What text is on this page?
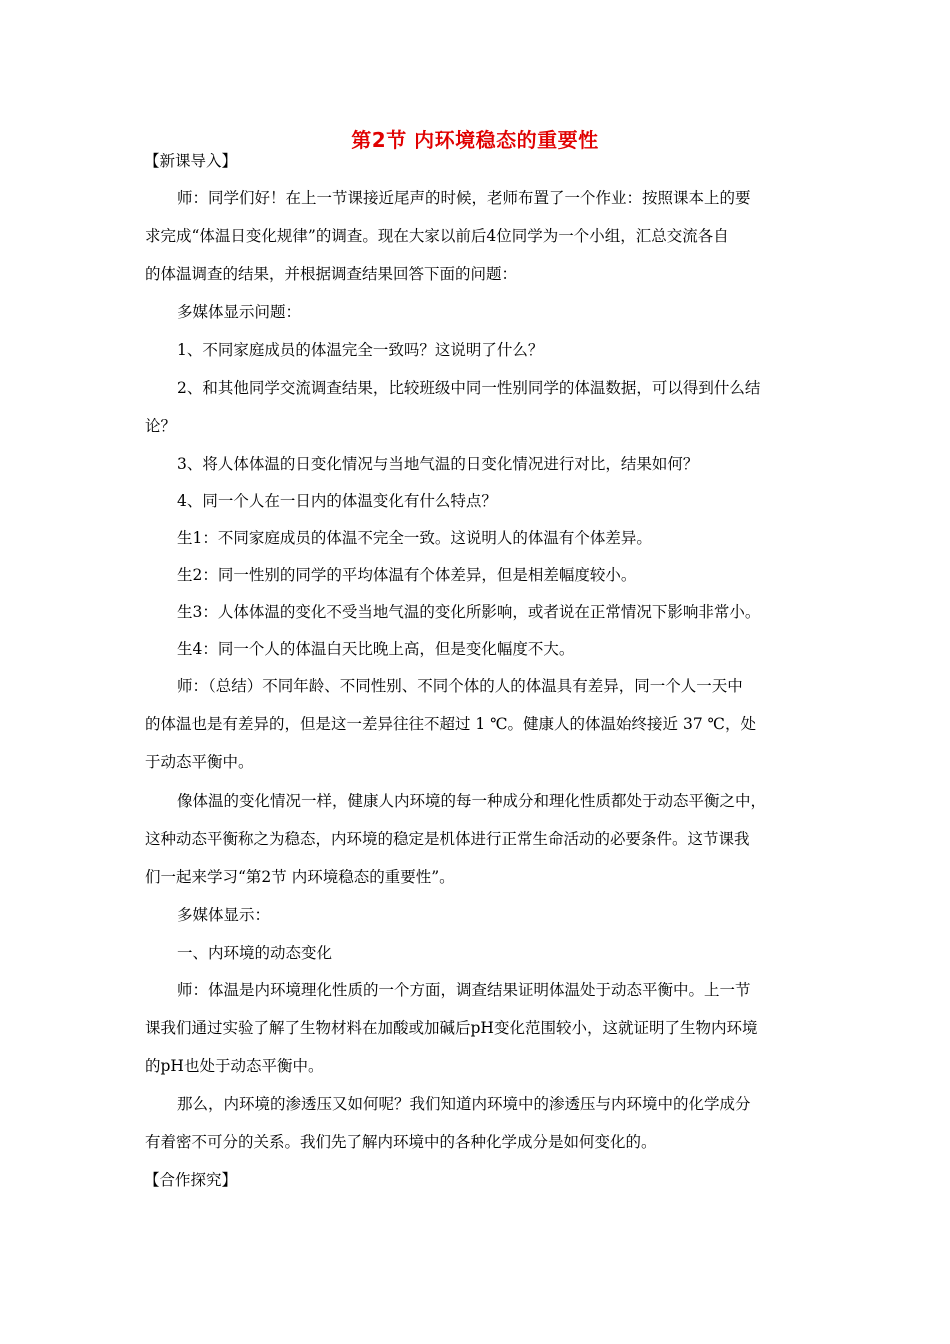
第2节 内环境稳态的重要性
【新课导入】
师：同学们好！在上一节课接近尾声的时候，老师布置了一个作业：按照课本上的要
求完成“体温日变化规律”的调查。现在大家以前后4位同学为一个小组，汇总交流各自
的体温调查的结果，并根据调查结果回答下面的问题：
多媒体显示问题：
1、不同家庭成员的体温完全一致吗？这说明了什么？
2、和其他同学交流调查结果，比较班级中同一性别同学的体温数据，可以得到什么结
论？
3、将人体体温的日变化情况与当地气温的日变化情况进行对比，结果如何？
4、同一个人在一日内的体温变化有什么特点？
生1：不同家庭成员的体温不完全一致。这说明人的体温有个体差异。
生2：同一性别的同学的平均体温有个体差异，但是相差幅度较小。
生3：人体体温的变化不受当地气温的变化所影响，或者说在正常情况下影响非常小。
生4：同一个人的体温白天比晚上高，但是变化幅度不大。
师：（总结）不同年龄、不同性别、不同个体的人的体温具有差异，同一个人一天中
的体温也是有差异的，但是这一差异往往不超过 1 ℃。健康人的体温始终接近 37 ℃，处
于动态平衡中。
像体温的变化情况一样，健康人内环境的每一种成分和理化性质都处于动态平衡之中，
这种动态平衡称之为稳态，内环境的稳定是机体进行正常生命活动的必要条件。这节课我
们一起来学习“第2节 内环境稳态的重要性”。
多媒体显示：
一、内环境的动态变化
师：体温是内环境理化性质的一个方面，调查结果证明体温处于动态平衡中。上一节
课我们通过实验了解了生物材料在加酸或加碱后pH变化范围较小，这就证明了生物内环境
的pH也处于动态平衡中。
那么，内环境的渗透压又如何呢？我们知道内环境中的渗透压与内环境中的化学成分
有着密不可分的关系。我们先了解内环境中的各种化学成分是如何变化的。
【合作探究】
